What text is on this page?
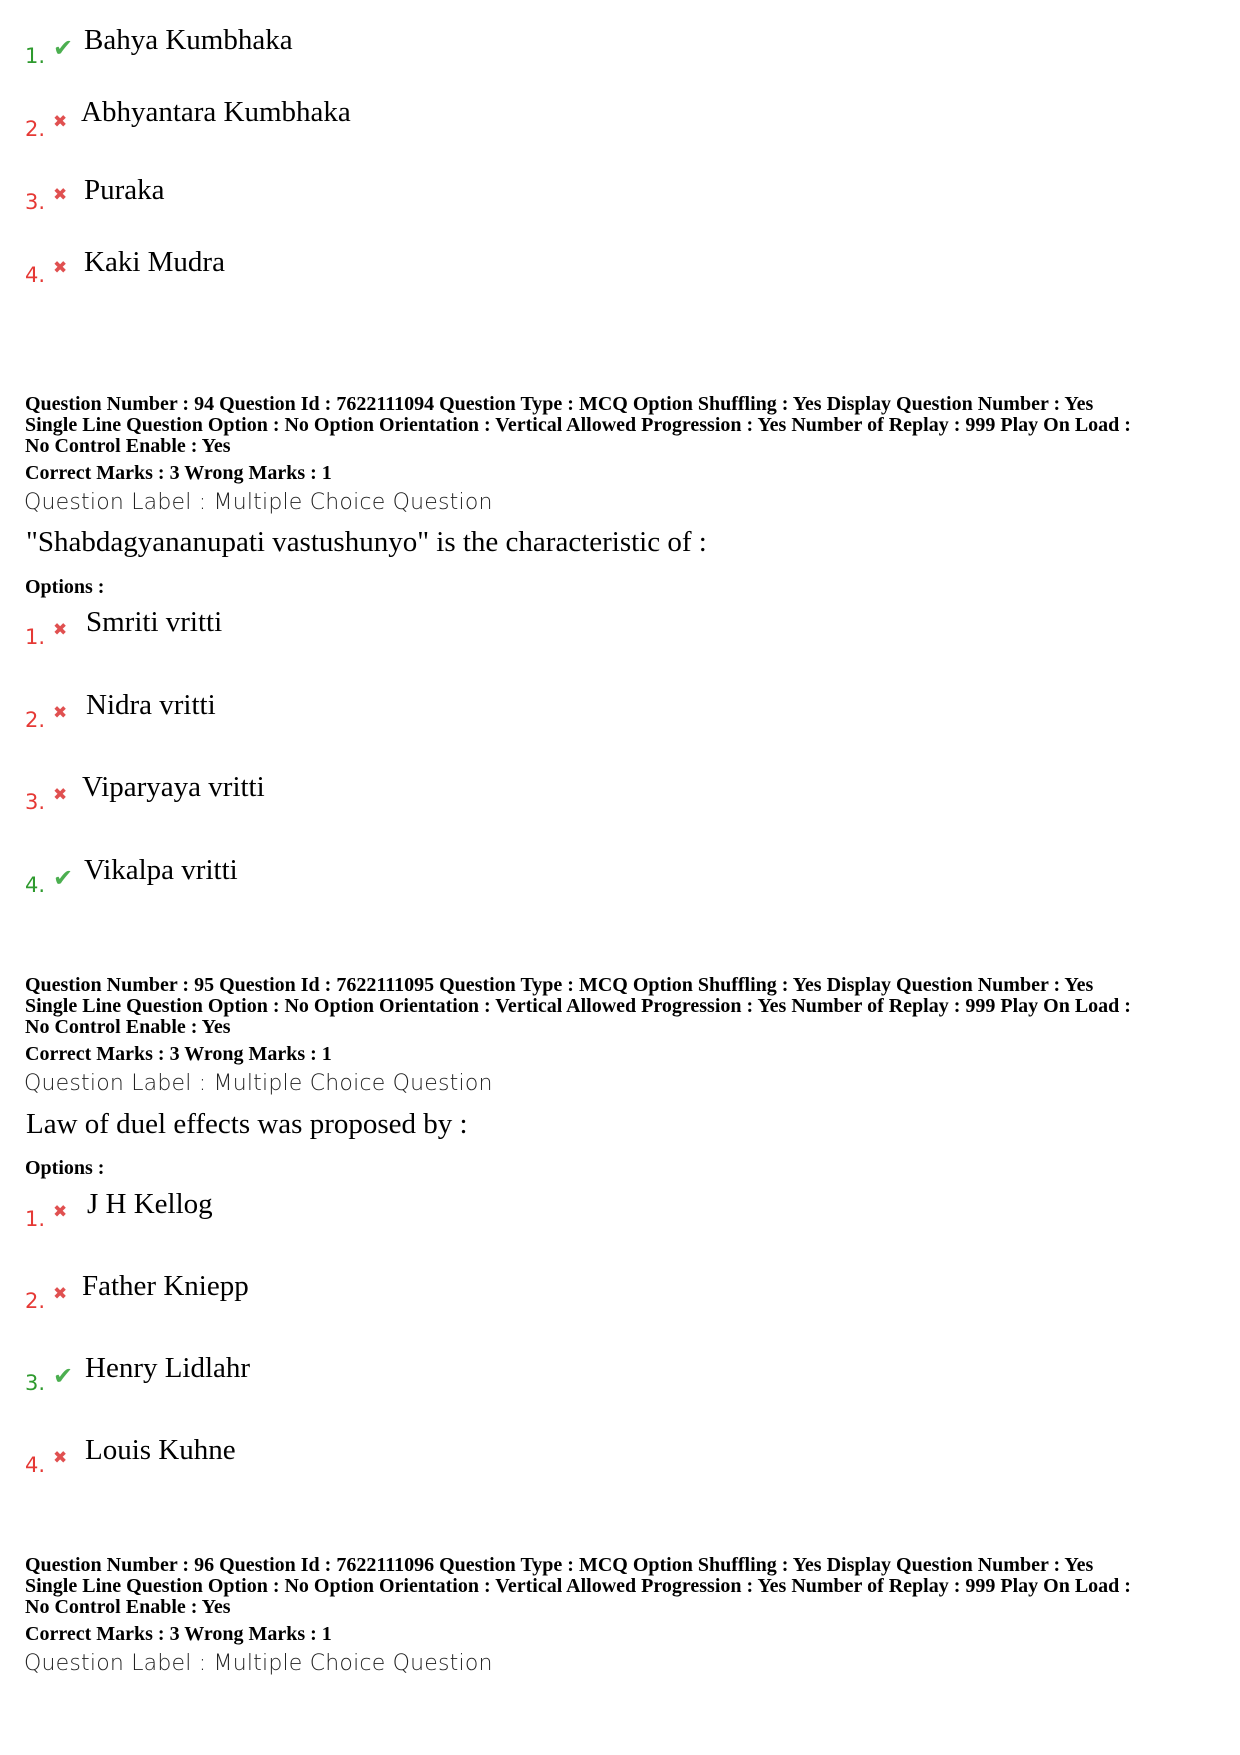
1. ✔ Bahya Kumbhaka
2. ✖ Abhyantara Kumbhaka
3. ✖ Puraka
4. ✖ Kaki Mudra
Question Number : 94 Question Id : 7622111094 Question Type : MCQ Option Shuffling : Yes Display Question Number : Yes
Single Line Question Option : No Option Orientation : Vertical Allowed Progression : Yes Number of Replay : 999 Play On Load :
No Control Enable : Yes
Correct Marks : 3 Wrong Marks : 1
Question Label : Multiple Choice Question
"Shabdagyananupati vastushunyo" is the characteristic of :
Options :
1. ✖ Smriti vritti
2. ✖ Nidra vritti
3. ✖ Viparyaya vritti
4. ✔ Vikalpa vritti
Question Number : 95 Question Id : 7622111095 Question Type : MCQ Option Shuffling : Yes Display Question Number : Yes
Single Line Question Option : No Option Orientation : Vertical Allowed Progression : Yes Number of Replay : 999 Play On Load :
No Control Enable : Yes
Correct Marks : 3 Wrong Marks : 1
Question Label : Multiple Choice Question
Law of duel effects was proposed by :
Options :
1. ✖ J H Kellog
2. ✖ Father Kniepp
3. ✔ Henry Lidlahr
4. ✖ Louis Kuhne
Question Number : 96 Question Id : 7622111096 Question Type : MCQ Option Shuffling : Yes Display Question Number : Yes
Single Line Question Option : No Option Orientation : Vertical Allowed Progression : Yes Number of Replay : 999 Play On Load :
No Control Enable : Yes
Correct Marks : 3 Wrong Marks : 1
Question Label : Multiple Choice Question
